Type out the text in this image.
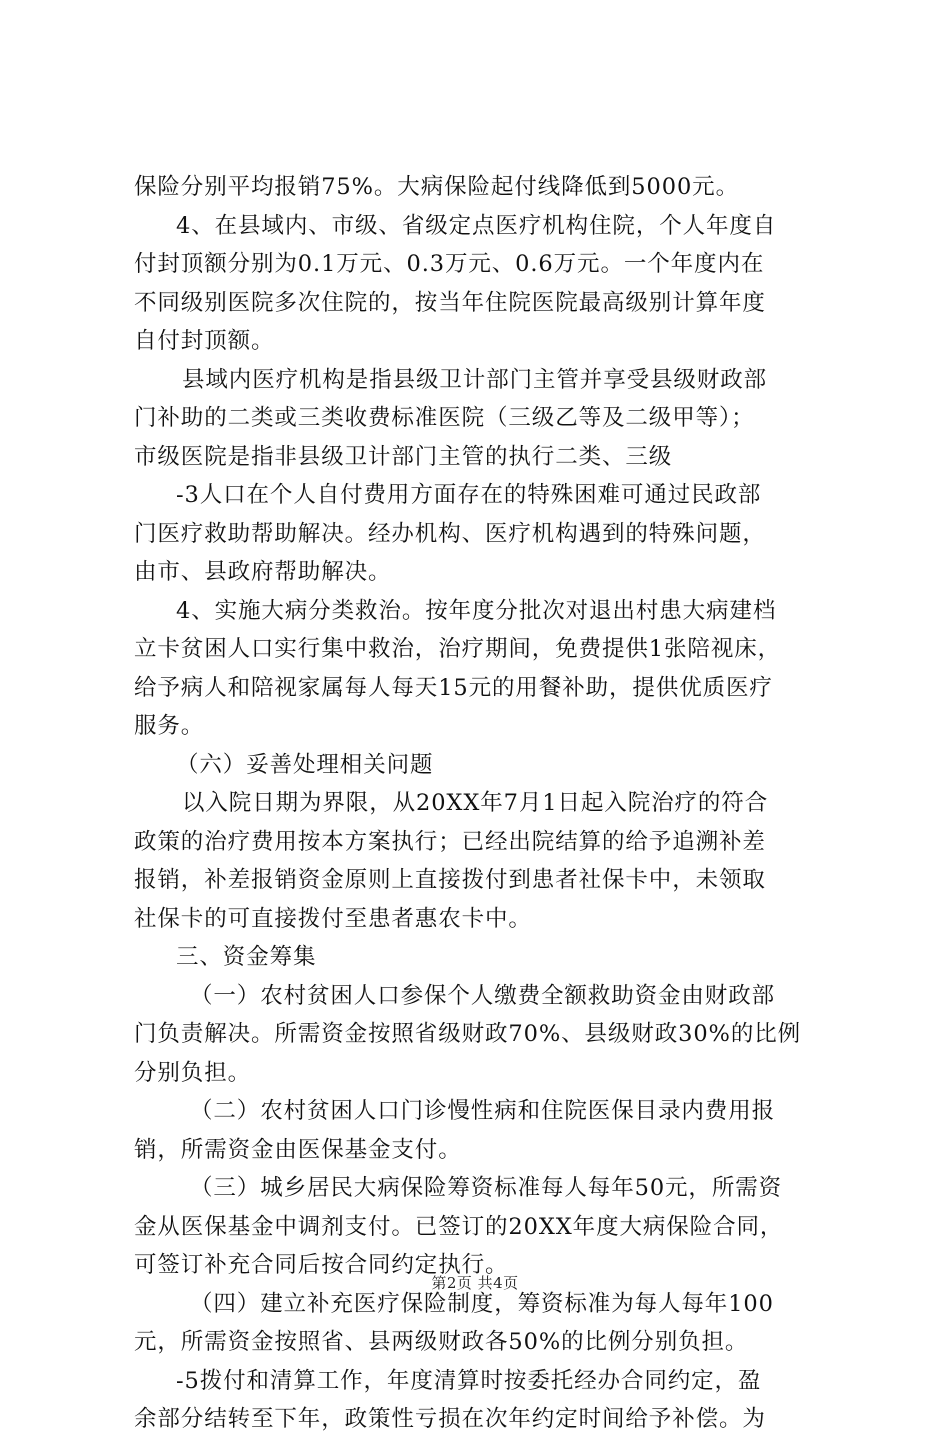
保险分别平均报销75%。大病保险起付线降低到5000元。
4、在县域内、市级、省级定点医疗机构住院，个人年度自
付封顶额分别为0.1万元、0.3万元、0.6万元。一个年度内在
不同级别医院多次住院的，按当年住院医院最高级别计算年度
自付封顶额。
县域内医疗机构是指县级卫计部门主管并享受县级财政部
门补助的二类或三类收费标准医院（三级乙等及二级甲等）；
市级医院是指非县级卫计部门主管的执行二类、三级
-3人口在个人自付费用方面存在的特殊困难可通过民政部
门医疗救助帮助解决。经办机构、医疗机构遇到的特殊问题，
由市、县政府帮助解决。
4、实施大病分类救治。按年度分批次对退出村患大病建档
立卡贫困人口实行集中救治，治疗期间，免费提供1张陪视床，
给予病人和陪视家属每人每天15元的用餐补助，提供优质医疗
服务。
（六）妥善处理相关问题
以入院日期为界限，从20XX年7月1日起入院治疗的符合
政策的治疗费用按本方案执行；已经出院结算的给予追溯补差
报销，补差报销资金原则上直接拨付到患者社保卡中，未领取
社保卡的可直接拨付至患者惠农卡中。
三、资金筹集
（一）农村贫困人口参保个人缴费全额救助资金由财政部
门负责解决。所需资金按照省级财政70%、县级财政30%的比例
分别负担。
（二）农村贫困人口门诊慢性病和住院医保目录内费用报
销，所需资金由医保基金支付。
（三）城乡居民大病保险筹资标准每人每年50元，所需资
金从医保基金中调剂支付。已签订的20XX年度大病保险合同，
可签订补充合同后按合同约定执行。
（四）建立补充医疗保险制度，筹资标准为每人每年100
元，所需资金按照省、县两级财政各50%的比例分别负担。
-5拨付和清算工作，年度清算时按委托经办合同约定，盈
余部分结转至下年，政策性亏损在次年约定时间给予补偿。为
第2页 共4页
